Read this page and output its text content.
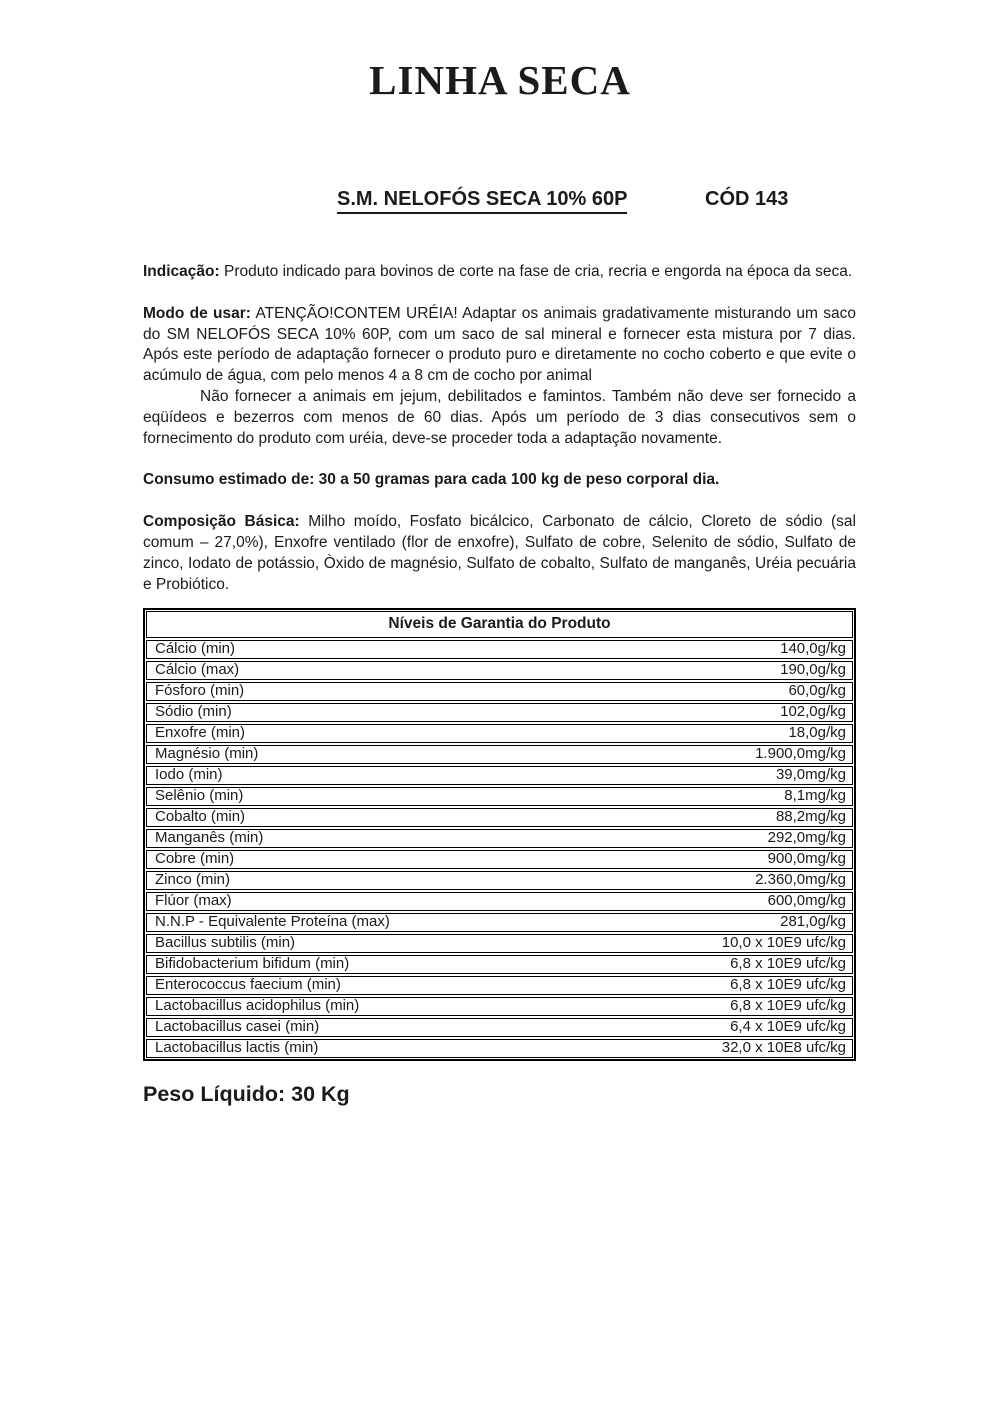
LINHA SECA
S.M. NELOFÓS SECA 10% 60P	CÓD 143

Indicação: Produto indicado para bovinos de corte na fase de cria, recria e engorda na época da seca.

Modo de usar: ATENÇÃO!CONTEM URÉIA! Adaptar os animais gradativamente misturando um saco do SM NELOFÓS SECA 10% 60P, com um saco de sal mineral e fornecer esta mistura por 7 dias. Após este período de adaptação fornecer o produto puro e diretamente no cocho coberto e que evite o acúmulo de água, com pelo menos 4 a 8 cm de cocho por animal

Não fornecer a animais em jejum, debilitados e famintos. Também não deve ser fornecido a eqüídeos e bezerros com menos de 60 dias. Após um período de 3 dias consecutivos sem o fornecimento do produto com uréia, deve-se proceder toda a adaptação novamente.

Consumo estimado de: 30 a 50 gramas para cada 100 kg de peso corporal dia.

Composição Básica: Milho moído, Fosfato bicálcico, Carbonato de cálcio, Cloreto de sódio (sal comum – 27,0%), Enxofre ventilado (flor de enxofre), Sulfato de cobre, Selenito de sódio, Sulfato de zinco, Iodato de potássio, Òxido de magnésio, Sulfato de cobalto, Sulfato de manganês, Uréia pecuária e Probiótico.

Níveis de Garantia do Produto
Cálcio (min)	140,0g/kg
Cálcio (max)	190,0g/kg
Fósforo (min)	60,0g/kg
Sódio (min)	102,0g/kg
Enxofre (min)	18,0g/kg
Magnésio (min)	1.900,0mg/kg
Iodo (min)	39,0mg/kg
Selênio (min)	8,1mg/kg
Cobalto (min)	88,2mg/kg
Manganês (min)	292,0mg/kg
Cobre (min)	900,0mg/kg
Zinco (min)	2.360,0mg/kg
Flúor (max)	600,0mg/kg
N.N.P - Equivalente Proteína (max)	281,0g/kg
Bacillus subtilis (min)	10,0 x 10E9 ufc/kg
Bifidobacterium bifidum (min)	6,8 x 10E9 ufc/kg
Enterococcus faecium (min)	6,8 x 10E9 ufc/kg
Lactobacillus acidophilus (min)	6,8 x 10E9 ufc/kg
Lactobacillus casei (min)	6,4 x 10E9 ufc/kg
Lactobacillus lactis (min)	32,0 x 10E8 ufc/kg

Peso Líquido: 30 Kg
